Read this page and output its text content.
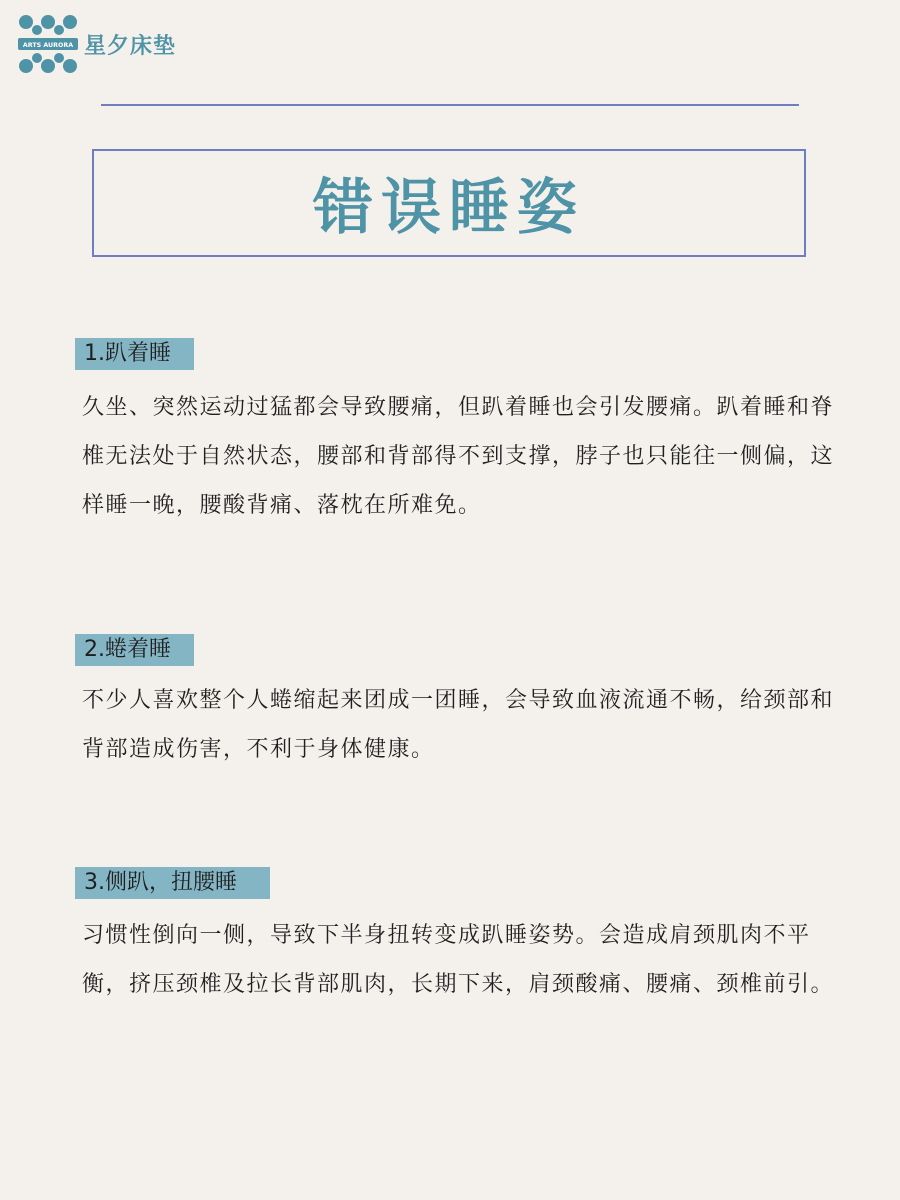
ARTS AURORA 星夕床垫
错误睡姿
1.趴着睡

久坐、突然运动过猛都会导致腰痛，但趴着睡也会引发腰痛。趴着睡和脊椎无法处于自然状态，腰部和背部得不到支撑，脖子也只能往一侧偏，这样睡一晚，腰酸背痛、落枕在所难免。

2.蜷着睡

不少人喜欢整个人蜷缩起来团成一团睡，会导致血液流通不畅，给颈部和背部造成伤害，不利于身体健康。

3.侧趴，扭腰睡

习惯性倒向一侧，导致下半身扭转变成趴睡姿势。会造成肩颈肌肉不平衡，挤压颈椎及拉长背部肌肉，长期下来，肩颈酸痛、腰痛、颈椎前引。
